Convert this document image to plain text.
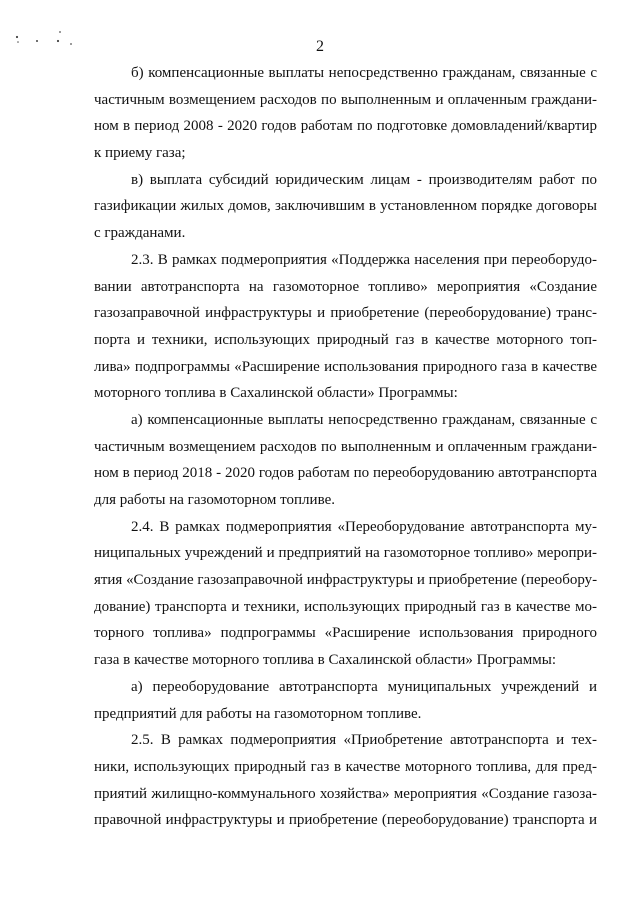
2
б) компенсационные выплаты непосредственно гражданам, связанные с
частичным возмещением расходов по выполненным и оплаченным граждани-
ном в период 2008 - 2020 годов работам по подготовке домовладений/квартир
к приему газа;
в) выплата субсидий юридическим лицам - производителям работ по
газификации жилых домов, заключившим в установленном порядке договоры
с гражданами.
2.3. В рамках подмероприятия «Поддержка населения при переоборудо-
вании автотранспорта на газомоторное топливо» мероприятия «Создание
газозаправочной инфраструктуры и приобретение (переоборудование) транс-
порта и техники, использующих природный газ в качестве моторного топ-
лива» подпрограммы «Расширение использования природного газа в качестве
моторного топлива в Сахалинской области» Программы:
а) компенсационные выплаты непосредственно гражданам, связанные с
частичным возмещением расходов по выполненным и оплаченным граждани-
ном в период 2018 - 2020 годов работам по переоборудованию автотранспорта
для работы на газомоторном топливе.
2.4. В рамках подмероприятия «Переоборудование автотранспорта му-
ниципальных учреждений и предприятий на газомоторное топливо» меропри-
ятия «Создание газозаправочной инфраструктуры и приобретение (переобору-
дование) транспорта и техники, использующих природный газ в качестве мо-
торного топлива» подпрограммы «Расширение использования природного
газа в качестве моторного топлива в Сахалинской области» Программы:
а) переоборудование автотранспорта муниципальных учреждений и
предприятий для работы на газомоторном топливе.
2.5. В рамках подмероприятия «Приобретение автотранспорта и тех-
ники, использующих природный газ в качестве моторного топлива, для пред-
приятий жилищно-коммунального хозяйства» мероприятия «Создание газоза-
правочной инфраструктуры и приобретение (переоборудование) транспорта и
